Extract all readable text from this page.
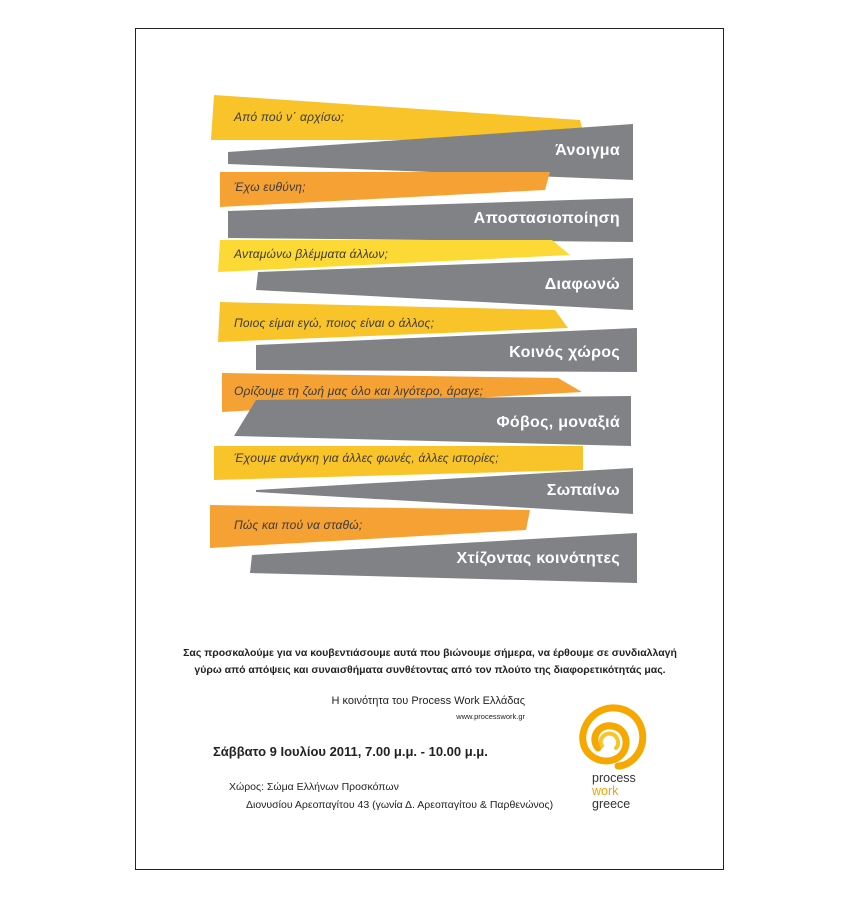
Από πού ν΄ αρχίσω;
Άνοιγμα
Έχω ευθύνη;
Αποστασιοποίηση
Ανταμώνω βλέμματα άλλων;
Διαφωνώ
Ποιος είμαι εγώ, ποιος είναι ο άλλος;
Κοινός χώρος
Ορίζουμε τη ζωή μας όλο και λιγότερο, άραγε;
Φόβος, μοναξιά
Έχουμε ανάγκη για άλλες φωνές, άλλες ιστορίες;
Σωπαίνω
Πώς και πού να σταθώ;
Χτίζοντας κοινότητες
Σας προσκαλούμε για να κουβεντιάσουμε αυτά που βιώνουμε σήμερα, να έρθουμε σε συνδιαλλαγή
γύρω από απόψεις και συναισθήματα συνθέτοντας από τον πλούτο της διαφορετικότητάς μας.
Η κοινότητα του Process Work Ελλάδας
www.processwork.gr
Σάββατο 9 Ιουλίου 2011, 7.00 μ.μ. - 10.00 μ.μ.
Χώρος: Σώμα Ελλήνων Προσκόπων
Διονυσίου Αρεοπαγίτου 43 (γωνία Δ. Αρεοπαγίτου & Παρθενώνος)
process
work
greece
